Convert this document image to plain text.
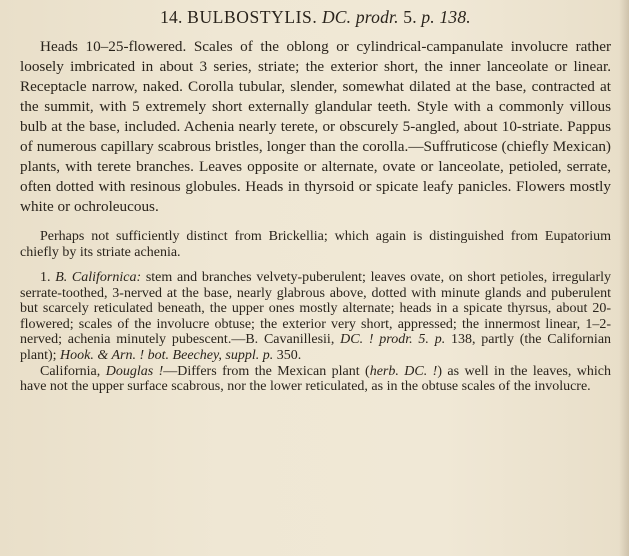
14. BULBOSTYLIS. DC. prodr. 5. p. 138.

Heads 10–25-flowered. Scales of the oblong or cylindrical-campanulate involucre rather loosely imbricated in about 3 series, striate; the exterior short, the inner lanceolate or linear. Receptacle narrow, naked. Corolla tubular, slender, somewhat dilated at the base, contracted at the summit, with 5 extremely short externally glandular teeth. Style with a commonly villous bulb at the base, included. Achenia nearly terete, or obscurely 5-angled, about 10-striate. Pappus of numerous capillary scabrous bristles, longer than the corolla.—Suffruticose (chiefly Mexican) plants, with terete branches. Leaves opposite or alternate, ovate or lanceolate, petioled, serrate, often dotted with resinous globules. Heads in thyrsoid or spicate leafy panicles. Flowers mostly white or ochroleucous.

Perhaps not sufficiently distinct from Brickellia; which again is distinguished from Eupatorium chiefly by its striate achenia.

1. B. Californica: stem and branches velvety-puberulent; leaves ovate, on short petioles, irregularly serrate-toothed, 3-nerved at the base, nearly glabrous above, dotted with minute glands and puberulent but scarcely reticulated beneath, the upper ones mostly alternate; heads in a spicate thyrsus, about 20-flowered; scales of the involucre obtuse; the exterior very short, appressed; the innermost linear, 1–2-nerved; achenia minutely pubescent.—B. Cavanillesii, DC. ! prodr. 5. p. 138, partly (the Californian plant); Hook. & Arn. ! bot. Beechey, suppl. p. 350.

California, Douglas !—Differs from the Mexican plant (herb. DC. !) as well in the leaves, which have not the upper surface scabrous, nor the lower reticulated, as in the obtuse scales of the involucre.
